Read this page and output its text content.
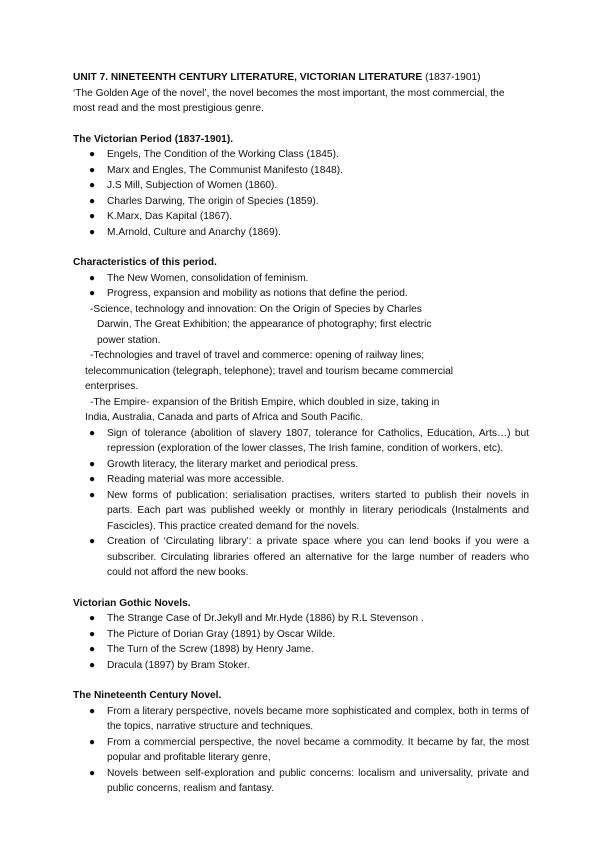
UNIT 7. NINETEENTH CENTURY LITERATURE, VICTORIAN LITERATURE (1837-1901)

‘The Golden Age of the novel’, the novel becomes the most important, the most commercial, the most read and the most prestigious genre.

The Victorian Period (1837-1901).
● Engels, The Condition of the Working Class (1845).
● Marx and Engles, The Communist Manifesto (1848).
● J.S Mill, Subjection of Women (1860).
● Charles Darwing, The origin of Species (1859).
● K.Marx, Das Kapital (1867).
● M.Arnold, Culture and Anarchy (1869).
Characteristics of this period.
● The New Women, consolidation of feminism.
● Progress, expansion and mobility as notions that define the period.

-Science, technology and innovation: On the Origin of Species by Charles

Darwin, The Great Exhibition; the appearance of photography; first electric

power station.

-Technologies and travel of travel and commerce: opening of railway lines;

telecommunication (telegraph, telephone); travel and tourism became commercial

enterprises.

-The Empire- expansion of the British Empire, which doubled in size, taking in

India, Australia, Canada and parts of Africa and South Pacific.

● Sign of tolerance (abolition of slavery 1807, tolerance for Catholics, Education, Arts…) but repression (exploration of the lower classes, The Irish famine, condition of workers, etc).
● Growth literacy, the literary market and periodical press.
● Reading material was more accessible.
● New forms of publication: serialisation practises, writers started to publish their novels in parts. Each part was published weekly or monthly in literary periodicals (Instalments and Fascicles). This practice created demand for the novels.
● Creation of ‘Circulating library’: a private space where you can lend books if you were a subscriber. Circulating libraries offered an alternative for the large number of readers who could not afford the new books.
Victorian Gothic Novels.
● The Strange Case of Dr.Jekyll and Mr.Hyde (1886) by R.L Stevenson .
● The Picture of Dorian Gray (1891) by Oscar Wilde.
● The Turn of the Screw (1898) by Henry Jame.
● Dracula (1897) by Bram Stoker.
The Nineteenth Century Novel.
● From a literary perspective, novels became more sophisticated and complex, both in terms of the topics, narrative structure and techniques.
● From a commercial perspective, the novel became a commodity. It became by far, the most popular and profitable literary genre,
● Novels between self-exploration and public concerns: localism and universality, private and public concerns, realism and fantasy.
